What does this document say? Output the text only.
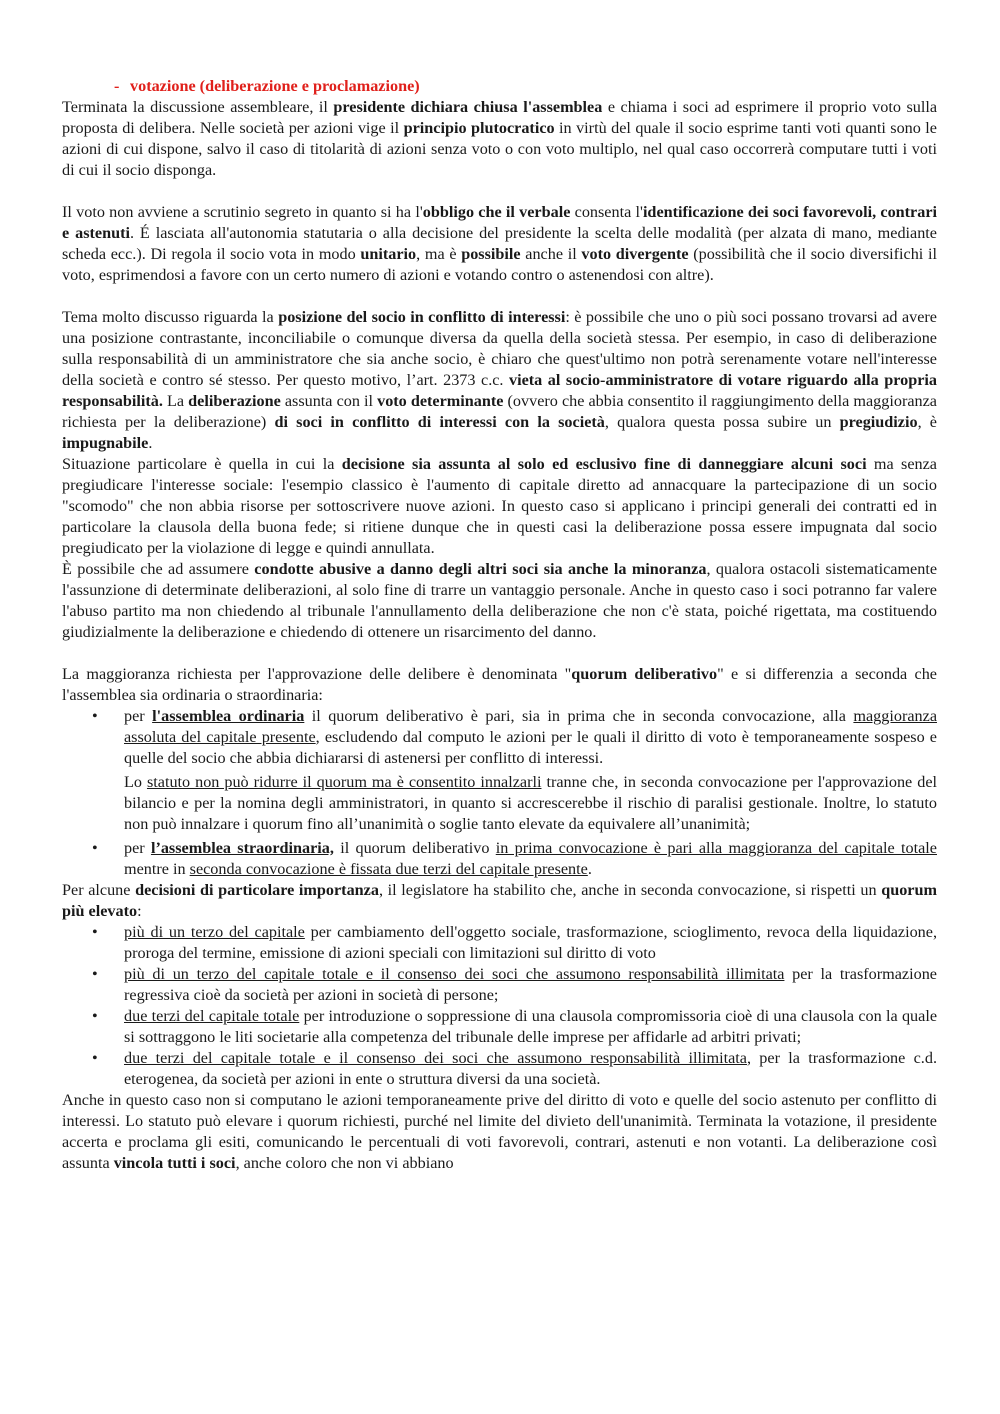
- votazione (deliberazione e proclamazione)

Terminata la discussione assembleare, il presidente dichiara chiusa l'assemblea e chiama i soci ad esprimere il proprio voto sulla proposta di delibera. Nelle società per azioni vige il principio plutocratico in virtù del quale il socio esprime tanti voti quanti sono le azioni di cui dispone, salvo il caso di titolarità di azioni senza voto o con voto multiplo, nel qual caso occorrerà computare tutti i voti di cui il socio disponga.

Il voto non avviene a scrutinio segreto in quanto si ha l'obbligo che il verbale consenta l'identificazione dei soci favorevoli, contrari e astenuti. É lasciata all'autonomia statutaria o alla decisione del presidente la scelta delle modalità (per alzata di mano, mediante scheda ecc.). Di regola il socio vota in modo unitario, ma è possibile anche il voto divergente (possibilità che il socio diversifichi il voto, esprimendosi a favore con un certo numero di azioni e votando contro o astenendosi con altre).

Tema molto discusso riguarda la posizione del socio in conflitto di interessi: è possibile che uno o più soci possano trovarsi ad avere una posizione contrastante, inconciliabile o comunque diversa da quella della società stessa. Per esempio, in caso di deliberazione sulla responsabilità di un amministratore che sia anche socio, è chiaro che quest'ultimo non potrà serenamente votare nell'interesse della società e contro sé stesso. Per questo motivo, l’art. 2373 c.c. vieta al socio-amministratore di votare riguardo alla propria responsabilità. La deliberazione assunta con il voto determinante (ovvero che abbia consentito il raggiungimento della maggioranza richiesta per la deliberazione) di soci in conflitto di interessi con la società, qualora questa possa subire un pregiudizio, è impugnabile.

Situazione particolare è quella in cui la decisione sia assunta al solo ed esclusivo fine di danneggiare alcuni soci ma senza pregiudicare l'interesse sociale: l'esempio classico è l'aumento di capitale diretto ad annacquare la partecipazione di un socio "scomodo" che non abbia risorse per sottoscrivere nuove azioni. In questo caso si applicano i principi generali dei contratti ed in particolare la clausola della buona fede; si ritiene dunque che in questi casi la deliberazione possa essere impugnata dal socio pregiudicato per la violazione di legge e quindi annullata.

È possibile che ad assumere condotte abusive a danno degli altri soci sia anche la minoranza, qualora ostacoli sistematicamente l'assunzione di determinate deliberazioni, al solo fine di trarre un vantaggio personale. Anche in questo caso i soci potranno far valere l'abuso partito ma non chiedendo al tribunale l'annullamento della deliberazione che non c'è stata, poiché rigettata, ma costituendo giudizialmente la deliberazione e chiedendo di ottenere un risarcimento del danno.

La maggioranza richiesta per l'approvazione delle delibere è denominata "quorum deliberativo" e si differenzia a seconda che l'assemblea sia ordinaria o straordinaria:

• per l'assemblea ordinaria il quorum deliberativo è pari, sia in prima che in seconda convocazione, alla maggioranza assoluta del capitale presente, escludendo dal computo le azioni per le quali il diritto di voto è temporaneamente sospeso e quelle del socio che abbia dichiararsi di astenersi per conflitto di interessi.

Lo statuto non può ridurre il quorum ma è consentito innalzarli tranne che, in seconda convocazione per l'approvazione del bilancio e per la nomina degli amministratori, in quanto si accrescerebbe il rischio di paralisi gestionale. Inoltre, lo statuto non può innalzare i quorum fino all’unanimità o soglie tanto elevate da equivalere all’unanimità;

• per l’assemblea straordinaria, il quorum deliberativo in prima convocazione è pari alla maggioranza del capitale totale mentre in seconda convocazione è fissata due terzi del capitale presente.

Per alcune decisioni di particolare importanza, il legislatore ha stabilito che, anche in seconda convocazione, si rispetti un quorum più elevato:

• più di un terzo del capitale per cambiamento dell'oggetto sociale, trasformazione, scioglimento, revoca della liquidazione, proroga del termine, emissione di azioni speciali con limitazioni sul diritto di voto
• più di un terzo del capitale totale e il consenso dei soci che assumono responsabilità illimitata per la trasformazione regressiva cioè da società per azioni in società di persone;
• due terzi del capitale totale per introduzione o soppressione di una clausola compromissoria cioè di una clausola con la quale si sottraggono le liti societarie alla competenza del tribunale delle imprese per affidarle ad arbitri privati;
• due terzi del capitale totale e il consenso dei soci che assumono responsabilità illimitata, per la trasformazione c.d. eterogenea, da società per azioni in ente o struttura diversi da una società.

Anche in questo caso non si computano le azioni temporaneamente prive del diritto di voto e quelle del socio astenuto per conflitto di interessi. Lo statuto può elevare i quorum richiesti, purché nel limite del divieto dell'unanimità. Terminata la votazione, il presidente accerta e proclama gli esiti, comunicando le percentuali di voti favorevoli, contrari, astenuti e non votanti. La deliberazione così assunta vincola tutti i soci, anche coloro che non vi abbiano
